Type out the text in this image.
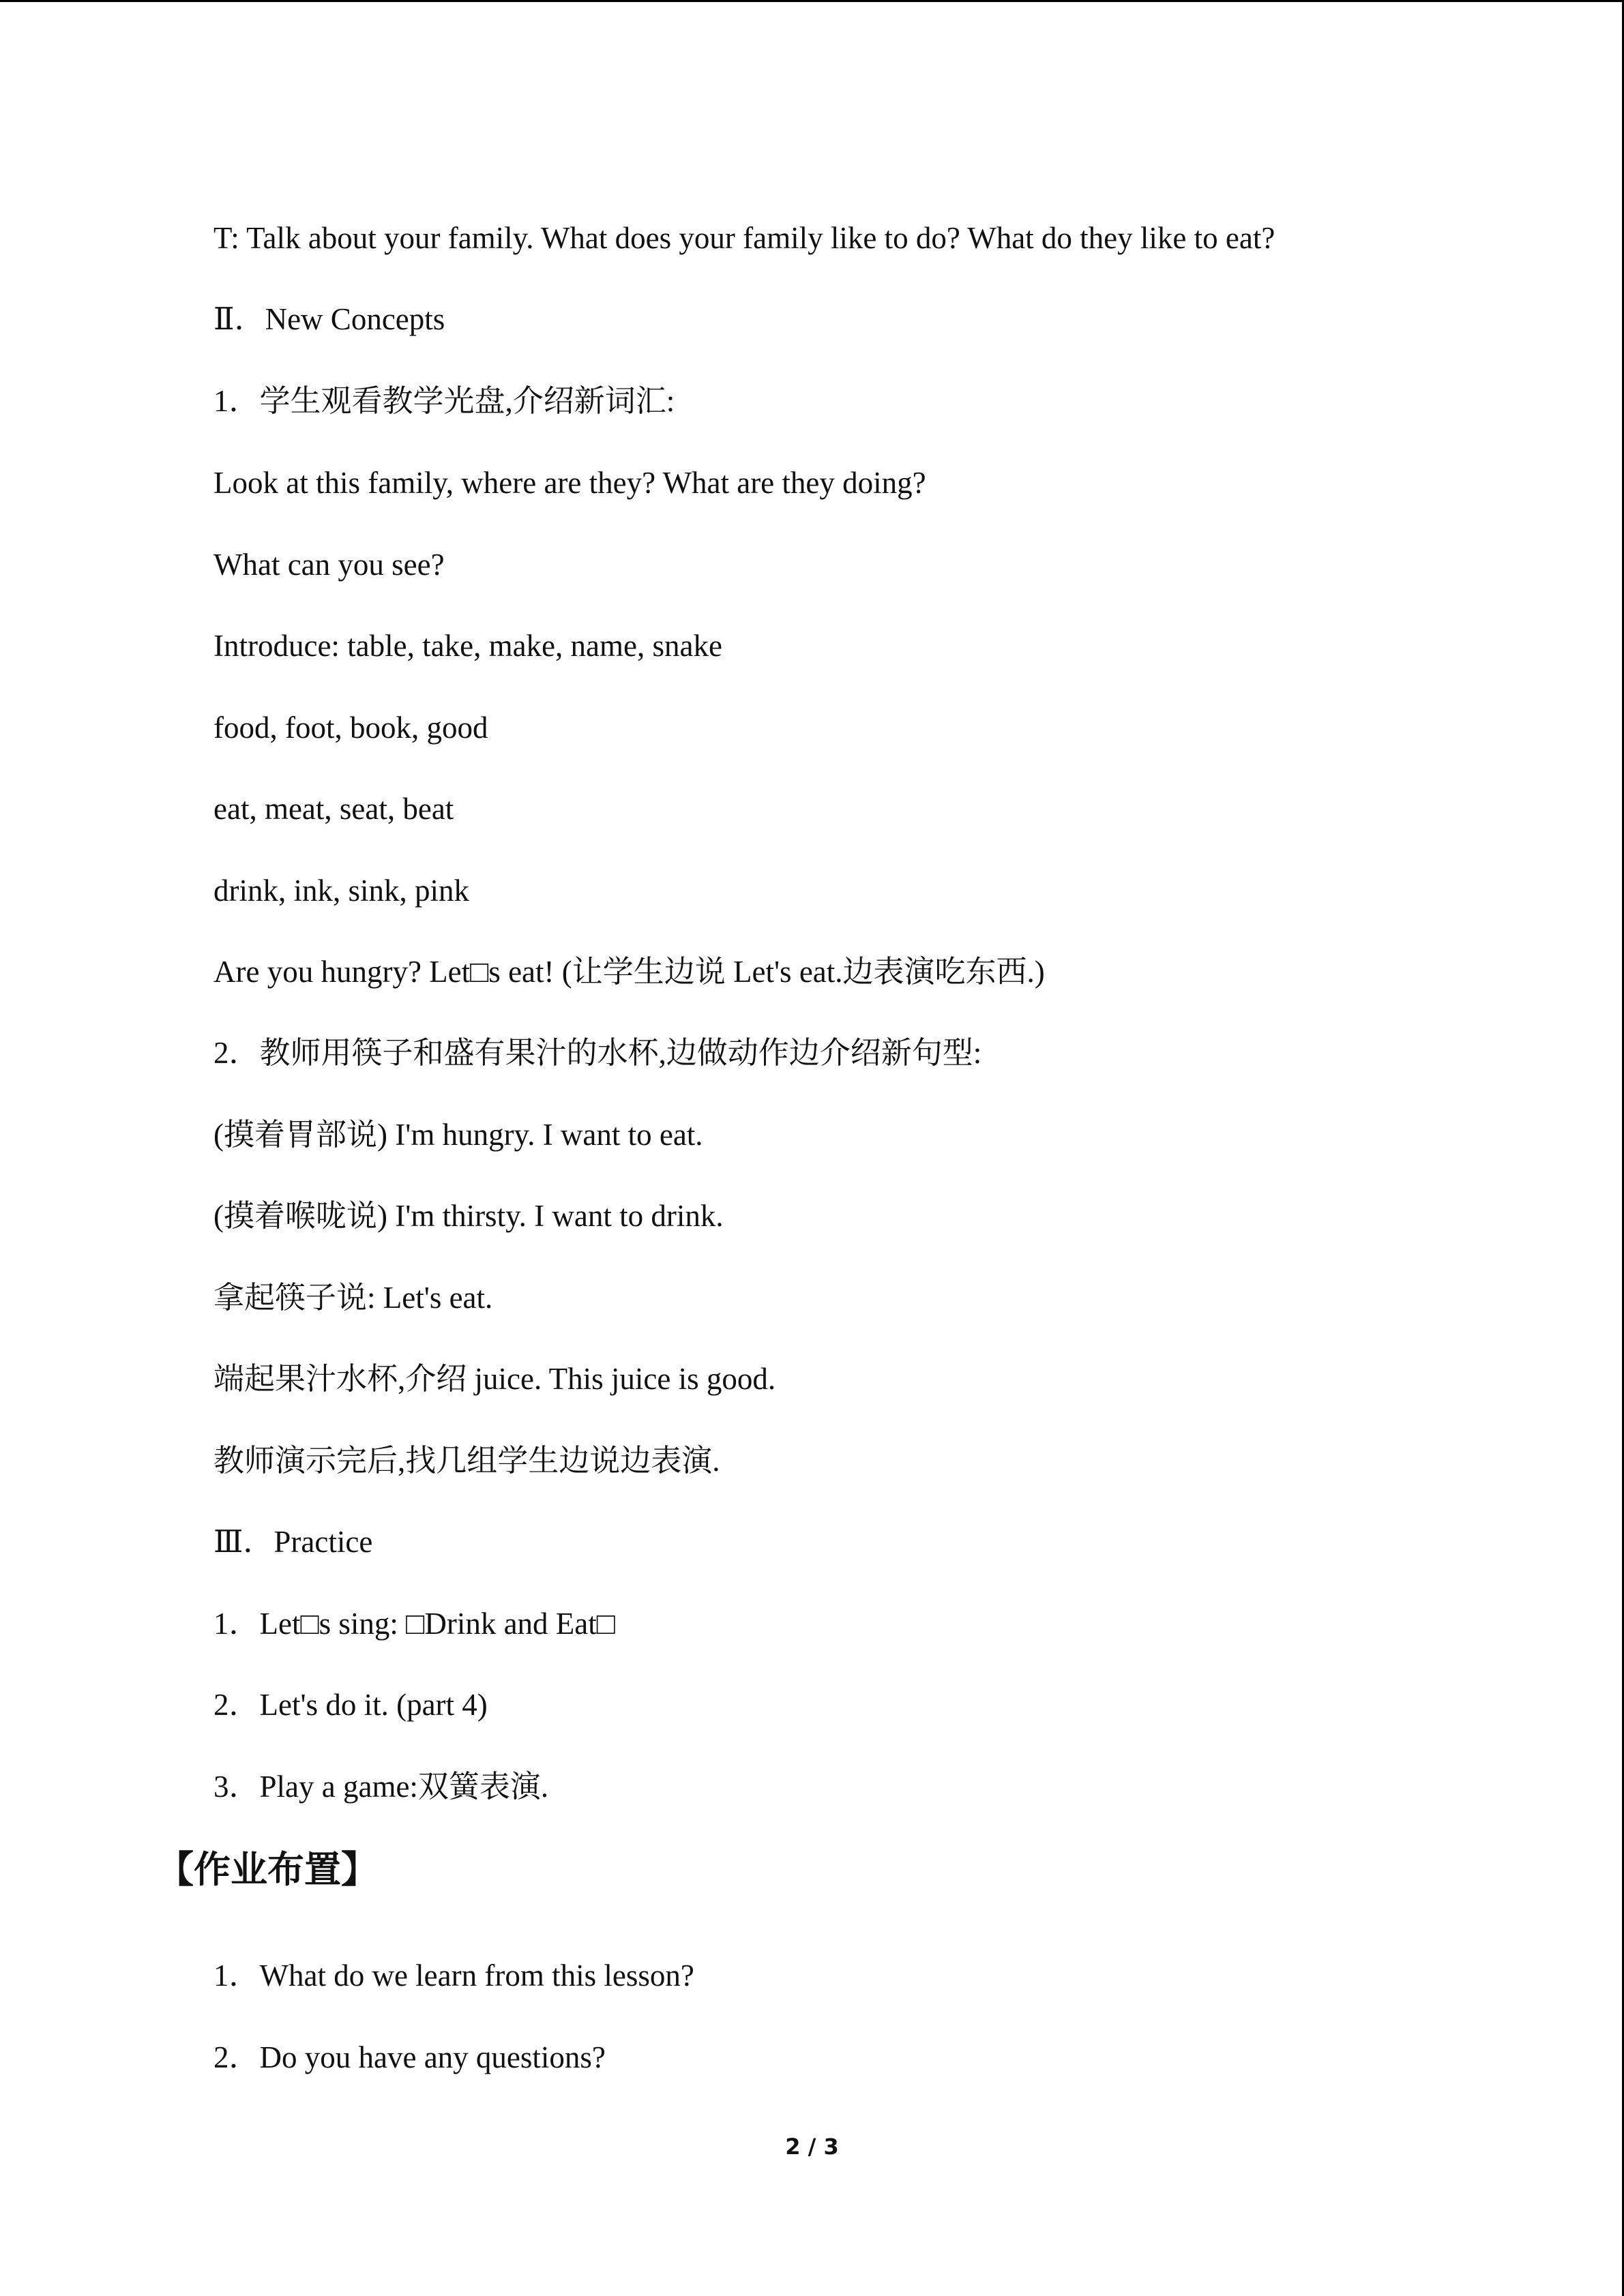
T: Talk about your family. What does your family like to do? What do they like to eat?
Ⅱ．New Concepts
1．学生观看教学光盘,介绍新词汇:
Look at this family, where are they? What are they doing?
What can you see?
Introduce: table, take, make, name, snake
food, foot, book, good
eat, meat, seat, beat
drink, ink, sink, pink
Are you hungry? Let□s eat! (让学生边说 Let's eat.边表演吃东西.)
2．教师用筷子和盛有果汁的水杯,边做动作边介绍新句型:
(摸着胃部说) I'm hungry. I want to eat.
(摸着喉咙说) I'm thirsty. I want to drink.
拿起筷子说: Let's eat.
端起果汁水杯,介绍 juice. This juice is good.
教师演示完后,找几组学生边说边表演.
Ⅲ．Practice
1．Let□s sing: □Drink and Eat□
2．Let's do it. (part 4)
3．Play a game:双簧表演.
【作业布置】
1．What do we learn from this lesson?
2．Do you have any questions?
2 / 3
